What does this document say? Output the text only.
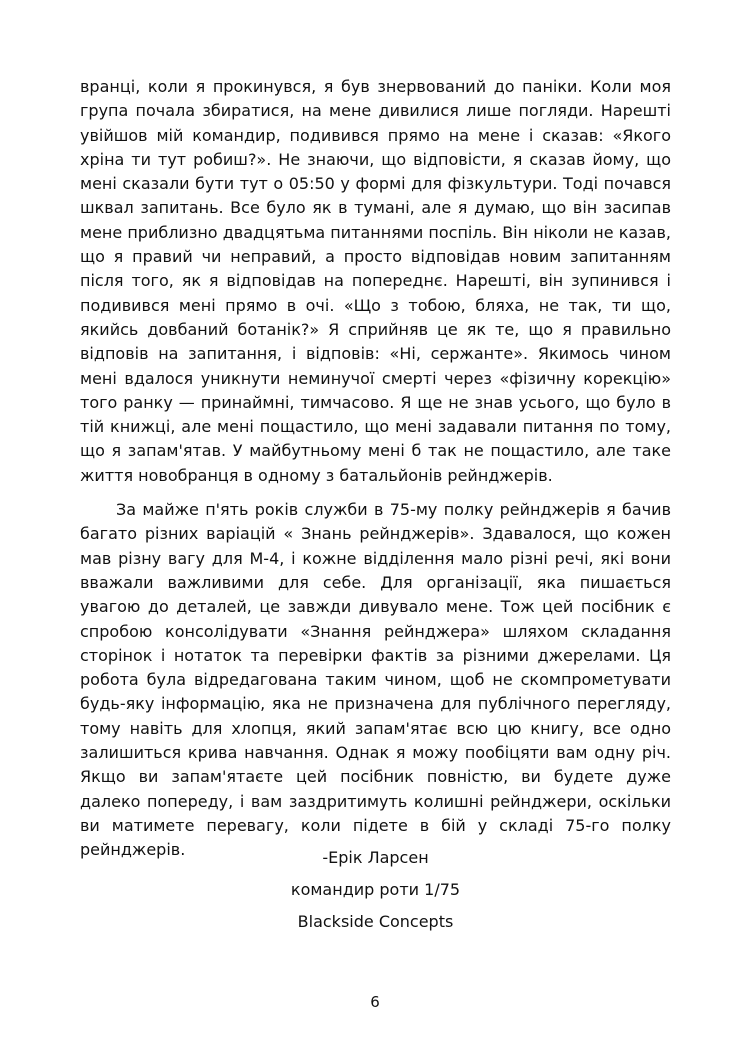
вранці, коли я прокинувся, я був знервований до паніки. Коли моя група почала збиратися, на мене дивилися лише погляди. Нарешті увійшов мій командир, подивився прямо на мене і сказав: «Якого хріна ти тут робиш?». Не знаючи, що відповісти, я сказав йому, що мені сказали бути тут о 05:50 у формі для фізкультури. Тоді почався шквал запитань. Все було як в тумані, але я думаю, що він засипав мене приблизно двадцятьма питаннями поспіль. Він ніколи не казав, що я правий чи неправий, а просто відповідав новим запитанням після того, як я відповідав на попереднє. Нарешті, він зупинився і подивився мені прямо в очі. «Що з тобою, бляха, не так, ти що, якийсь довбаний ботанік?» Я сприйняв це як те, що я правильно відповів на запитання, і відповів: «Ні, сержанте». Якимось чином мені вдалося уникнути неминучої смерті через «фізичну корекцію» того ранку — принаймні, тимчасово. Я ще не знав усього, що було в тій книжці, але мені пощастило, що мені задавали питання по тому, що я запам'ятав. У майбутньому мені б так не пощастило, але таке життя новобранця в одному з батальйонів рейнджерів.

За майже п'ять років служби в 75-му полку рейнджерів я бачив багато різних варіацій « Знань рейнджерів». Здавалося, що кожен мав різну вагу для М-4, і кожне відділення мало різні речі, які вони вважали важливими для себе. Для організації, яка пишається увагою до деталей, це завжди дивувало мене. Тож цей посібник є спробою консолідувати «Знання рейнджера» шляхом складання сторінок і нотаток та перевірки фактів за різними джерелами. Ця робота була відредагована таким чином, щоб не скомпрометувати будь-яку інформацію, яка не призначена для публічного перегляду, тому навіть для хлопця, який запам'ятає всю цю книгу, все одно залишиться крива навчання. Однак я можу пообіцяти вам одну річ. Якщо ви запам'ятаєте цей посібник повністю, ви будете дуже далеко попереду, і вам заздритимуть колишні рейнджери, оскільки ви матимете перевагу, коли підете в бій у складі 75-го полку рейнджерів.	-Ерік Ларсен
командир роти 1/75
Blackside Concepts
6
